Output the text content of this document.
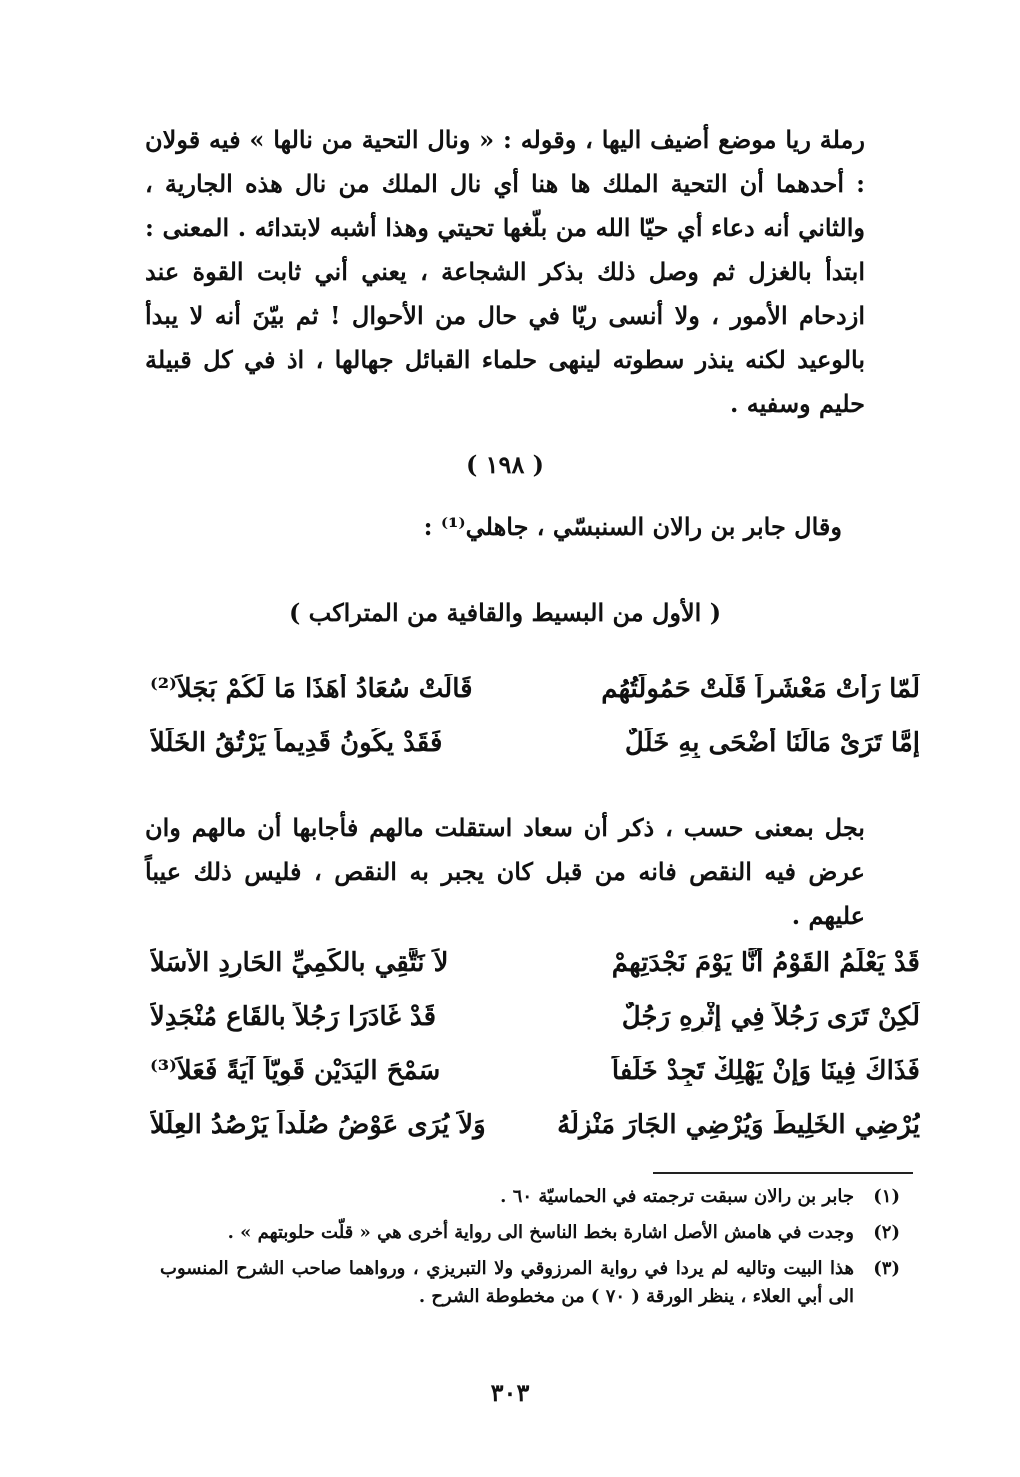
رملة ريا موضع أضيف اليها ، وقوله : « ونال التحية من نالها » فيه قولان : أحدهما أن التحية الملك ها هنا أي نال الملك من نال هذه الجارية ، والثاني أنه دعاء أي حيّا الله من بلّغها تحيتي وهذا أشبه لابتدائه . المعنى : ابتدأ بالغزل ثم وصل ذلك بذكر الشجاعة ، يعني أني ثابت القوة عند ازدحام الأمور ، ولا أنسى ريّا في حال من الأحوال ! ثم بيّنَ أنه لا يبدأ بالوعيد لكنه ينذر سطوته لينهى حلماء القبائل جهالها ، اذ في كل قبيلة حليم وسفيه .
( ١٩٨ )
وقال جابر بن رالان السنبسّي ، جاهلي⁽¹⁾ :
( الأول من البسيط والقافية من المتراكب )
لَمّا رَأَتْ مَعْشَراً قَلَّتْ حَمُولَتُهُم
قَالَتْ سُعَادُ أَهَذَا مَا لَكُمْ بَجَلاَ⁽²⁾
إِمَّا تَرَىْ مَالَنَا أَضْحَى بِهِ خَلَلٌ
فَقَدْ يكُونُ قَدِيماً يَرْتُقُ الخَلَلاَ
بجل بمعنى حسب ، ذكر أن سعاد استقلت مالهم فأجابها أن مالهم وان عرض فيه النقص فانه من قبل كان يجبر به النقص ، فليس ذلك عيباً عليهم .
قَدْ يَعْلَمُ القَوْمُ أَنَّا يَوْمَ نَجْدَتِهِمْ
لاَ نَتَّقِي بالكَمِيِّ الحَارِدِ الأَسَلاَ
لَكِنْ تَرَى رَجُلاً فِي إِثْرِهِ رَجُلٌ
قَدْ غَادَرَا رَجُلاً بالقَاعِ مُنْجَدِلاَ
فَذَاكَ فِينَا وَإِنْ يَهْلِكْ تَجِدْ خَلَفاً
سَمْحَ اليَدَيْنِ قَوِيّاً آيَةً فَعَلاَ⁽³⁾
يُرْضِي الخَلِيطَ وَيُرْضِي الجَارَ مَنْزِلُهُ
وَلاَ يُرَى عَوْضُ صُلْداً يَرْصُدُ العِلَلاَ
(١)
جابر بن رالان سبقت ترجمته في الحماسيّة ٦٠ .
(٢)
وجدت في هامش الأصل اشارة بخط الناسخ الى رواية أخرى هي « قلّت حلوبتهم » .
(٣)
هذا البيت وتاليه لم يردا في رواية المرزوقي ولا التبريزي ، ورواهما صاحب الشرح المنسوب الى أبي العلاء ، ينظر الورقة ( ٧٠ ) من مخطوطة الشرح .
٣٠٣
